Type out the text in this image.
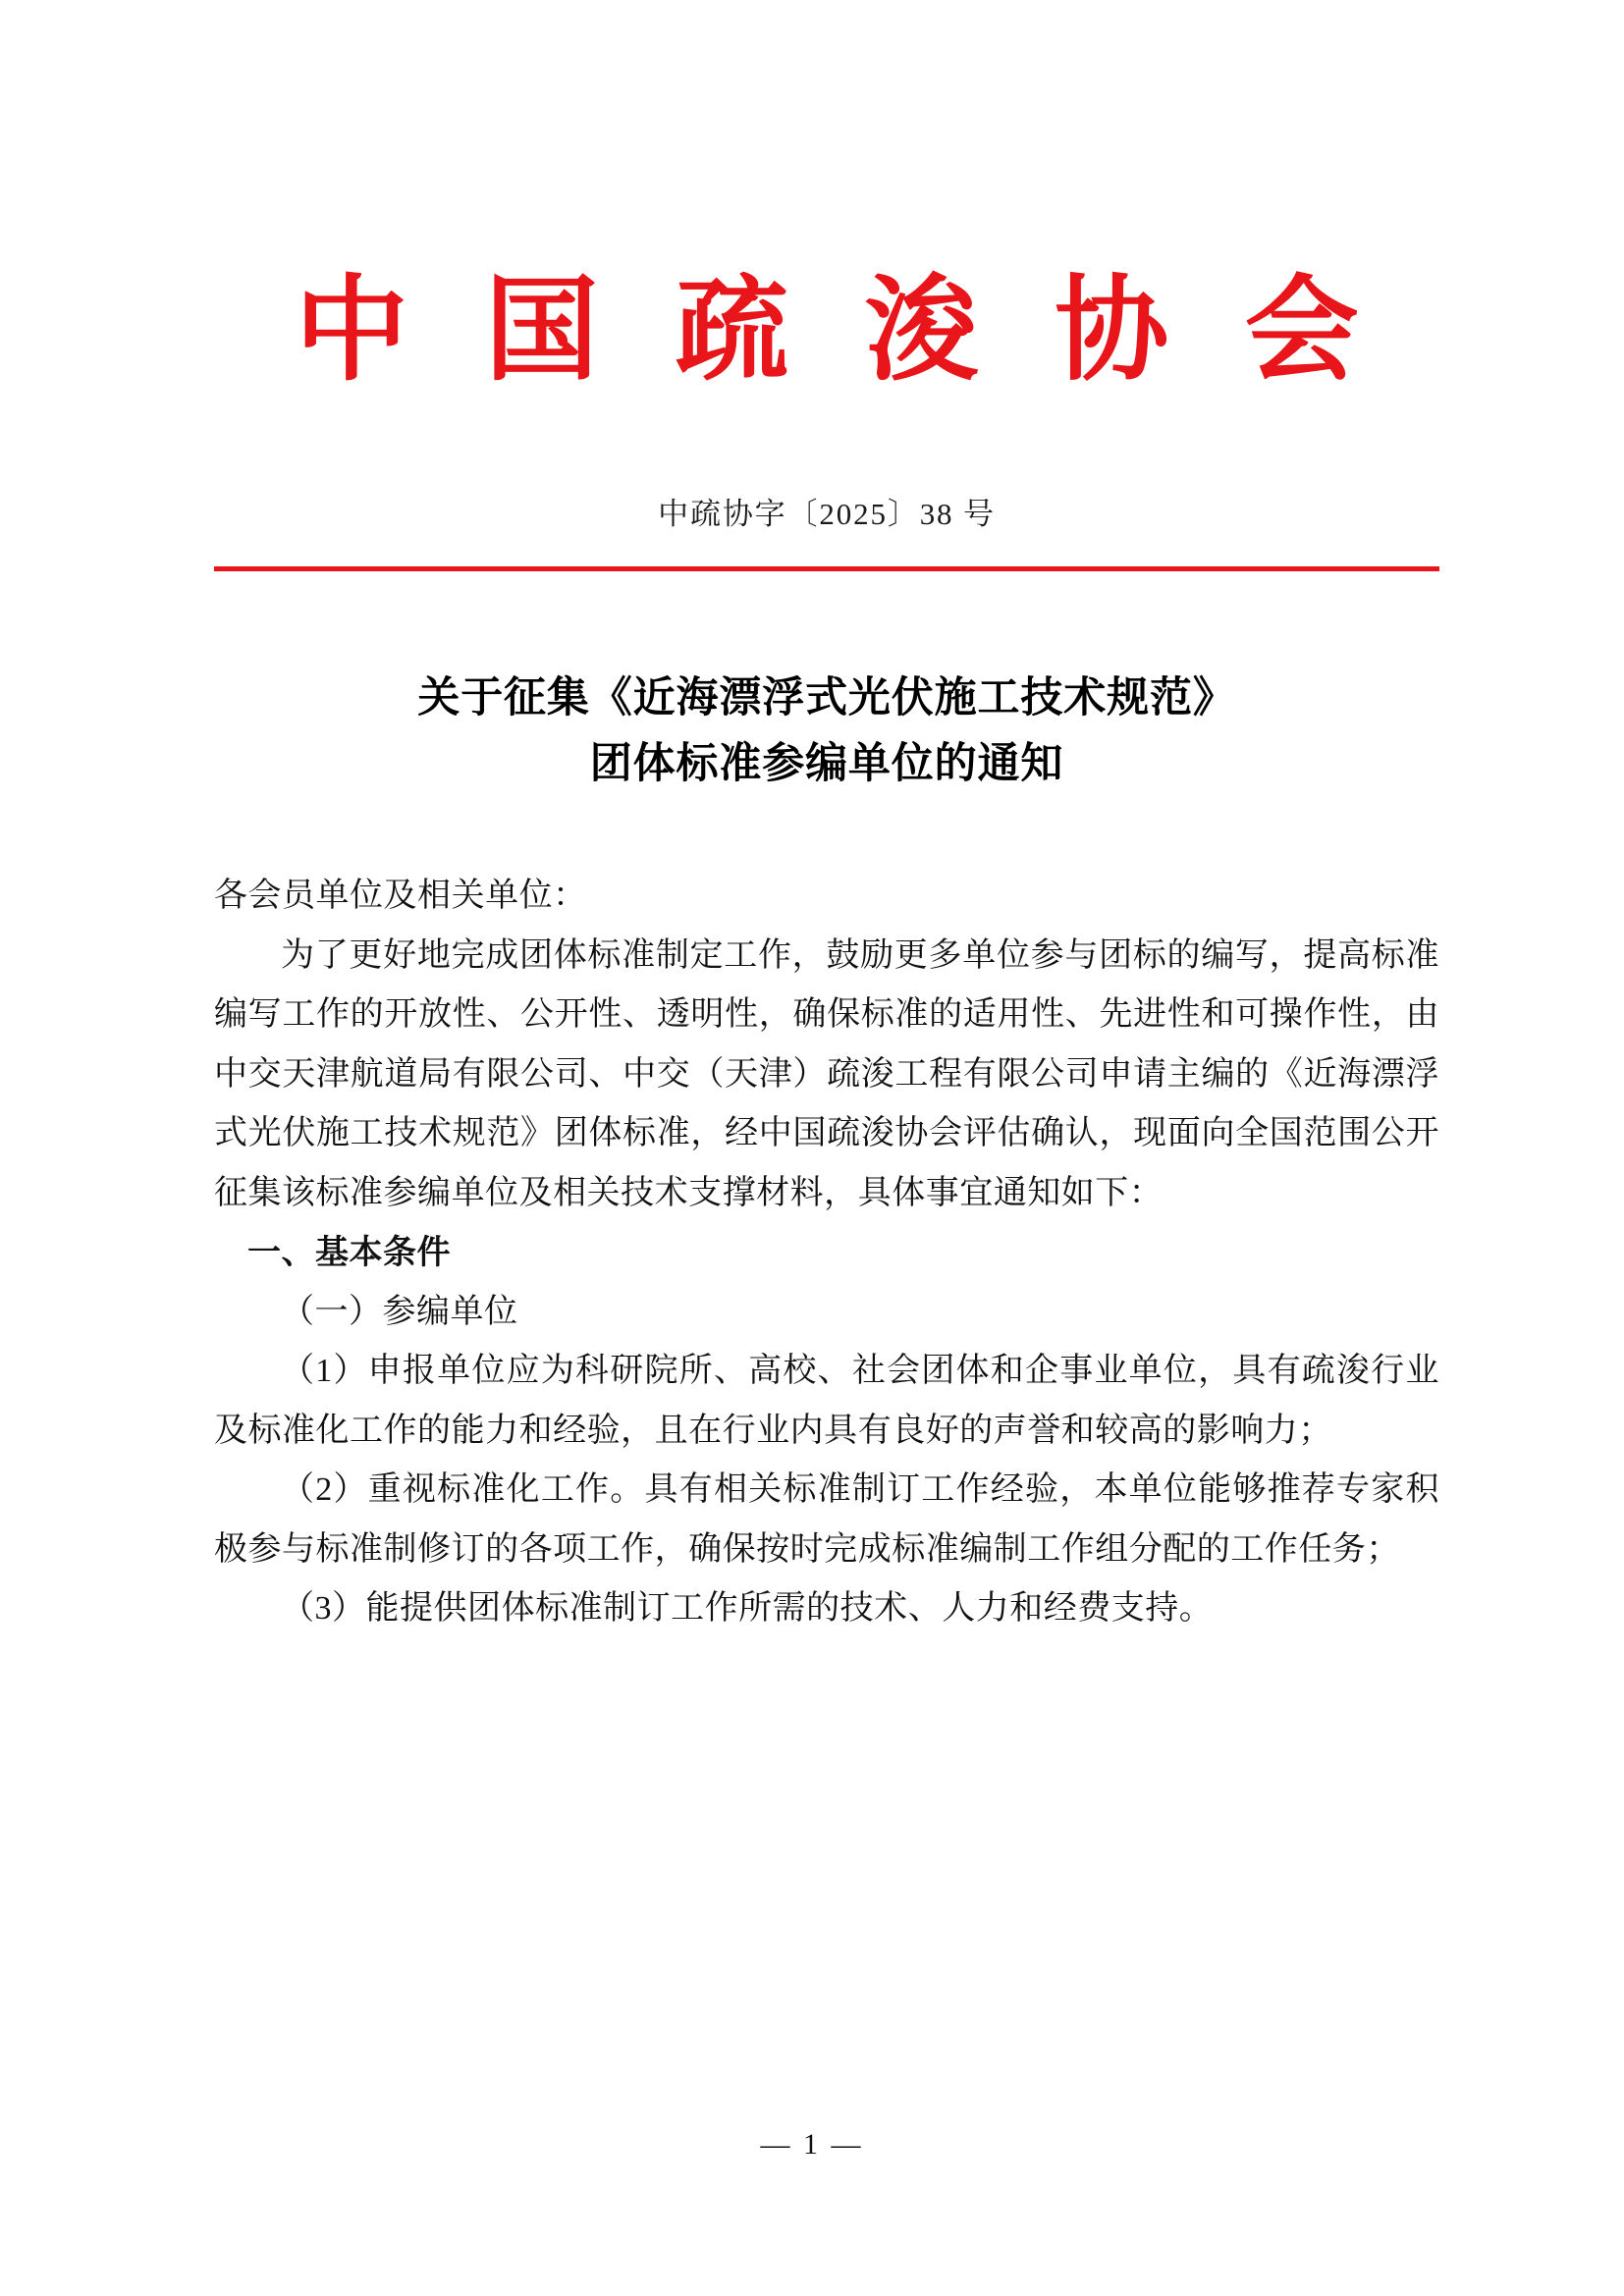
中 国 疏 浚 协 会
中疏协字〔2025〕38 号
关于征集《近海漂浮式光伏施工技术规范》
团体标准参编单位的通知

各会员单位及相关单位：

为了更好地完成团体标准制定工作，鼓励更多单位参与团标的编写，提高标准编写工作的开放性、公开性、透明性，确保标准的适用性、先进性和可操作性，由中交天津航道局有限公司、中交（天津）疏浚工程有限公司申请主编的《近海漂浮式光伏施工技术规范》团体标准，经中国疏浚协会评估确认，现面向全国范围公开征集该标准参编单位及相关技术支撑材料，具体事宜通知如下：

一、基本条件

（一）参编单位

（1）申报单位应为科研院所、高校、社会团体和企事业单位，具有疏浚行业及标准化工作的能力和经验，且在行业内具有良好的声誉和较高的影响力；

（2）重视标准化工作。具有相关标准制订工作经验，本单位能够推荐专家积极参与标准制修订的各项工作，确保按时完成标准编制工作组分配的工作任务；

（3）能提供团体标准制订工作所需的技术、人力和经费支持。

— 1 —
